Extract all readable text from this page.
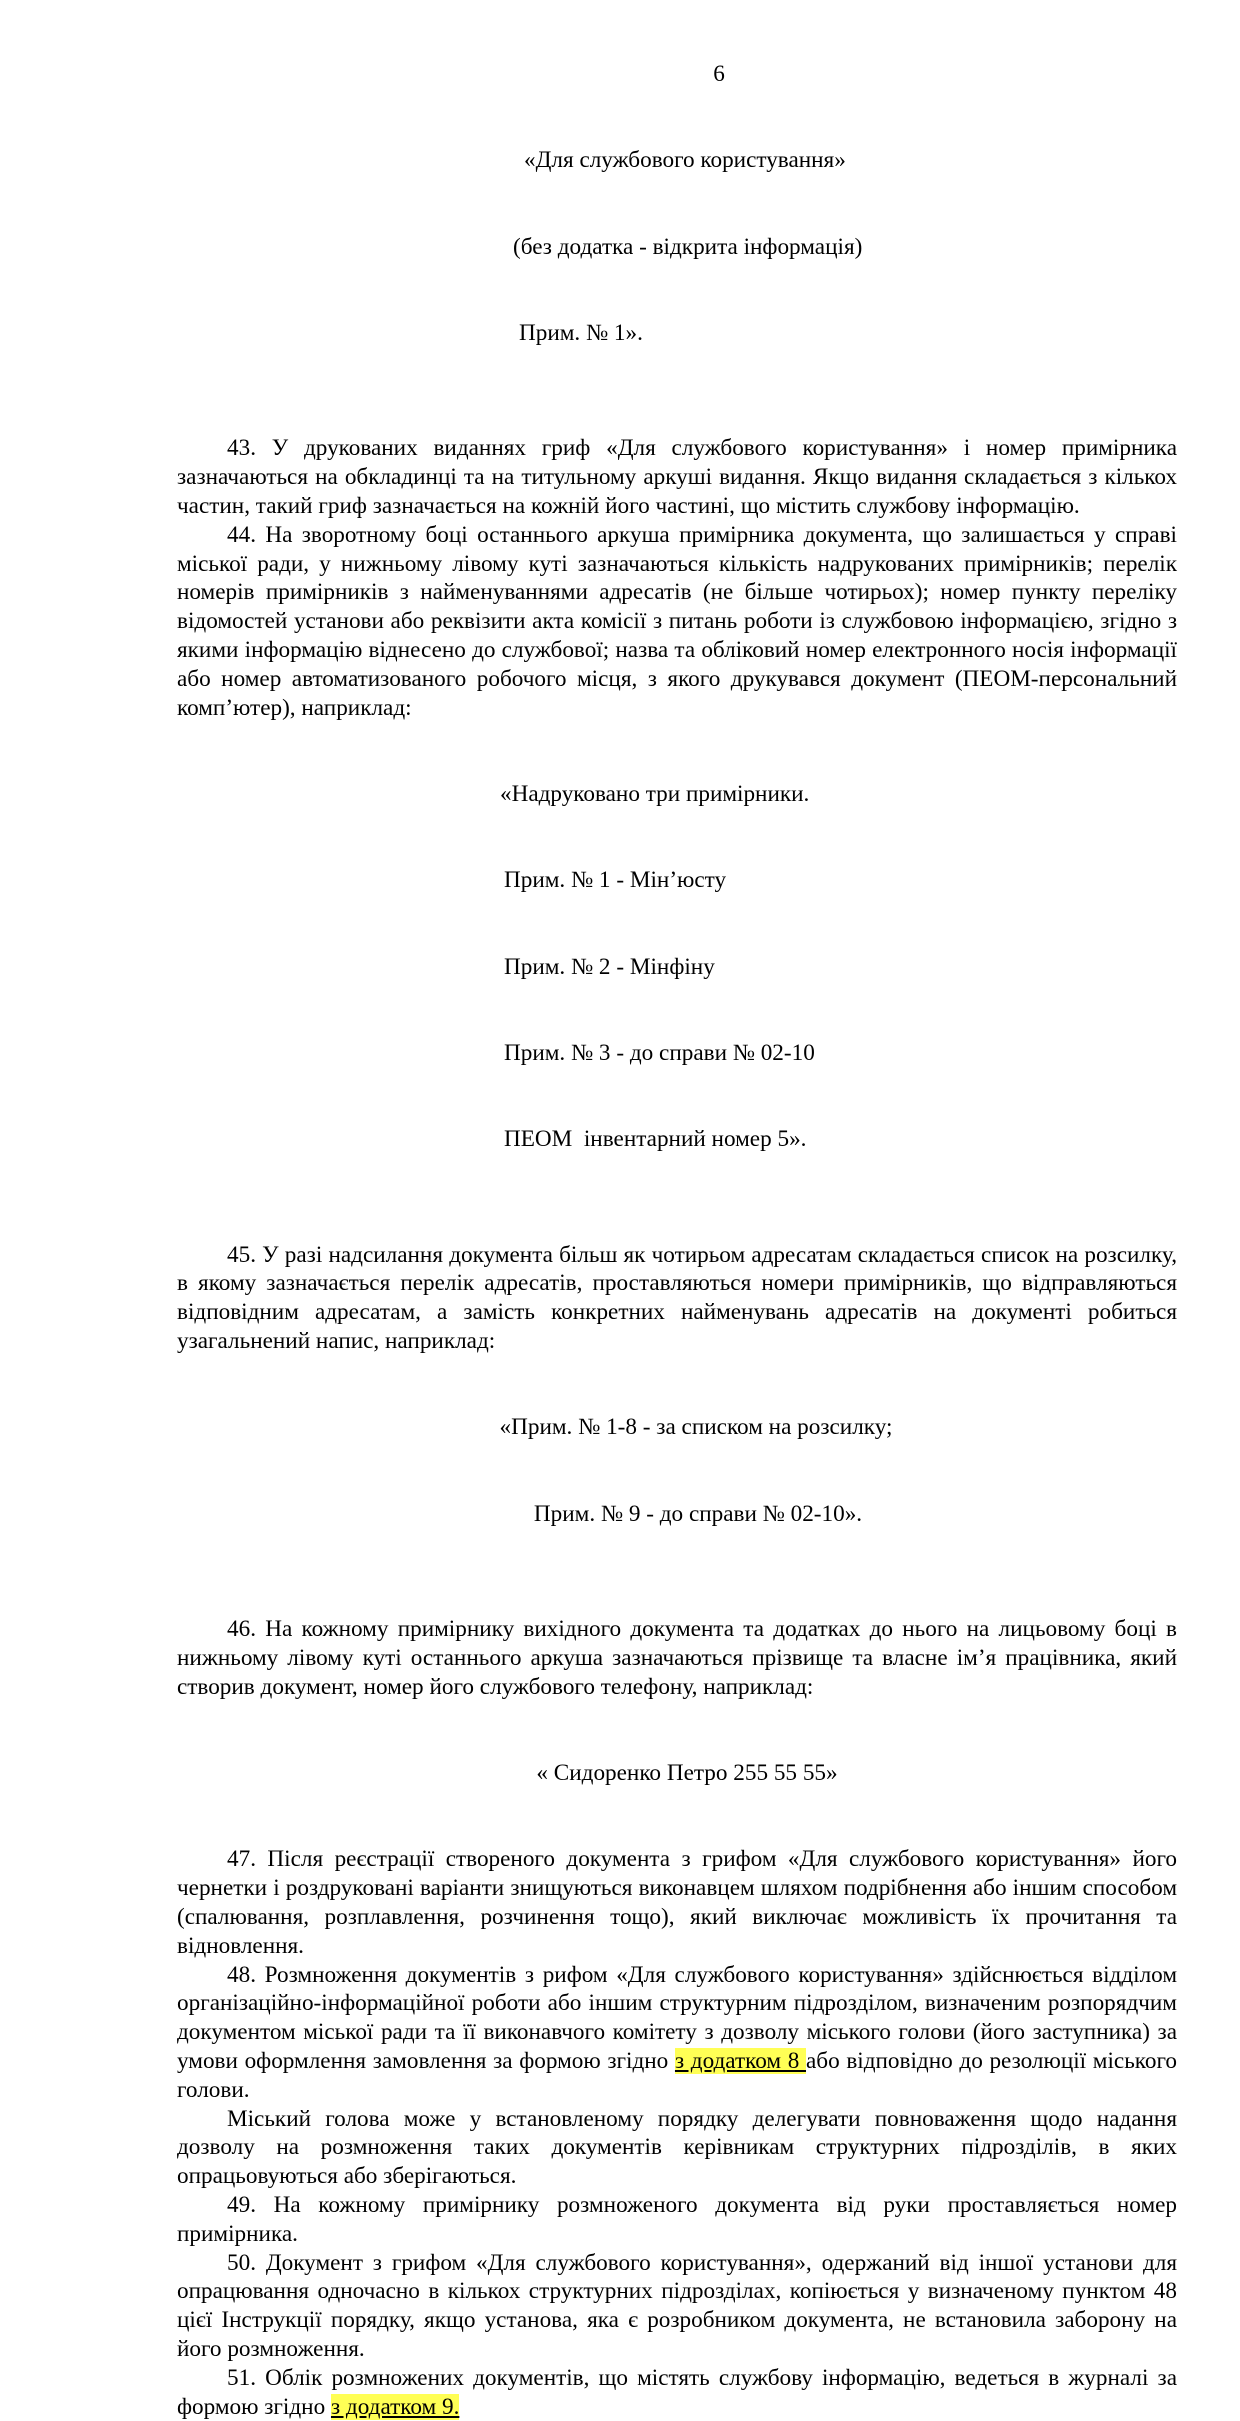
6

«Для службового користування»

(без додатка - відкрита інформація)

Прим. № 1».

43. У друкованих виданнях гриф «Для службового користування» і номер примірника зазначаються на обкладинці та на титульному аркуші видання. Якщо видання складається з кількох частин, такий гриф зазначається на кожній його частині, що містить службову інформацію.

44. На зворотному боці останнього аркуша примірника документа, що залишається у справі міської ради, у нижньому лівому куті зазначаються кількість надрукованих примірників; перелік номерів примірників з найменуваннями адресатів (не більше чотирьох); номер пункту переліку відомостей установи або реквізити акта комісії з питань роботи із службовою інформацією, згідно з якими інформацію віднесено до службової; назва та обліковий номер електронного носія інформації або номер автоматизованого робочого місця, з якого друкувався документ (ПЕОМ-персональний комп’ютер), наприклад:

«Надруковано три примірники.

Прим. № 1 - Мін’юсту

Прим. № 2 - Мінфіну

Прим. № 3 - до справи № 02-10

ПЕОМ  інвентарний номер 5».

45. У разі надсилання документа більш як чотирьом адресатам складається список на розсилку, в якому зазначається перелік адресатів, проставляються номери примірників, що відправляються відповідним адресатам, а замість конкретних найменувань адресатів на документі робиться узагальнений напис, наприклад:

«Прим. № 1-8 - за списком на розсилку;

Прим. № 9 - до справи № 02-10».

46. На кожному примірнику вихідного документа та додатках до нього на лицьовому боці в нижньому лівому куті останнього аркуша зазначаються прізвище та власне ім’я працівника, який створив документ, номер його службового телефону, наприклад:

« Сидоренко Петро 255 55 55»

47. Після реєстрації створеного документа з грифом «Для службового користування» його чернетки і роздруковані варіанти знищуються виконавцем шляхом подрібнення або іншим способом (спалювання, розплавлення, розчинення тощо), який виключає можливість їх прочитання та відновлення.

48. Розмноження документів з рифом «Для службового користування» здійснюється відділом організаційно-інформаційної роботи або іншим структурним підрозділом, визначеним розпорядчим документом міської ради та її виконавчого комітету з дозволу міського голови (його заступника) за умови оформлення замовлення за формою згідно з додатком 8 або відповідно до резолюції міського голови.

Міський голова може у встановленому порядку делегувати повноваження щодо надання дозволу на розмноження таких документів керівникам структурних підрозділів, в яких опрацьовуються або зберігаються.

49. На кожному примірнику розмноженого документа від руки проставляється номер примірника.

50. Документ з грифом «Для службового користування», одержаний від іншої установи для опрацювання одночасно в кількох структурних підрозділах, копіюється у визначеному пунктом 48 цієї Інструкції порядку, якщо установа, яка є розробником документа, не встановила заборону на його розмноження.

51. Облік розмножених документів, що містять службову інформацію, ведеться в журналі за формою згідно з додатком 9.
